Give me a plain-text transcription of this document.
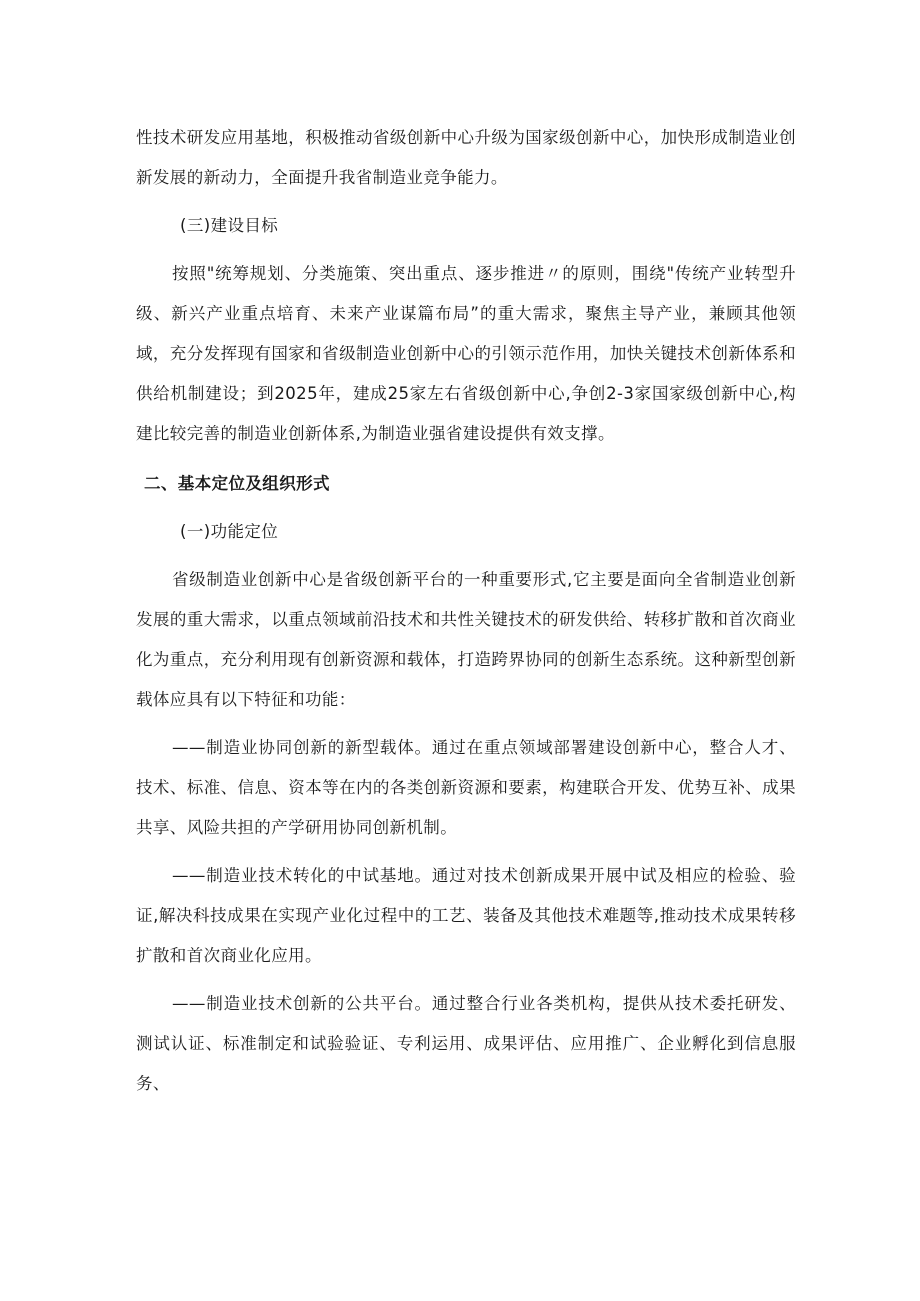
性技术研发应用基地，积极推动省级创新中心升级为国家级创新中心，加快形成制造业创新发展的新动力，全面提升我省制造业竞争能力。

(三)建设目标

按照"统筹规划、分类施策、突出重点、逐步推进〃的原则，围绕"传统产业转型升级、新兴产业重点培育、未来产业谋篇布局”的重大需求，聚焦主导产业，兼顾其他领域，充分发挥现有国家和省级制造业创新中心的引领示范作用，加快关键技术创新体系和供给机制建设；到2025年，建成25家左右省级创新中心,争创2-3家国家级创新中心,构建比较完善的制造业创新体系,为制造业强省建设提供有效支撑。

二、基本定位及组织形式

(一)功能定位

省级制造业创新中心是省级创新平台的一种重要形式,它主要是面向全省制造业创新发展的重大需求，以重点领域前沿技术和共性关键技术的研发供给、转移扩散和首次商业化为重点，充分利用现有创新资源和载体，打造跨界协同的创新生态系统。这种新型创新载体应具有以下特征和功能：

——制造业协同创新的新型载体。通过在重点领域部署建设创新中心，整合人才、技术、标准、信息、资本等在内的各类创新资源和要素，构建联合开发、优势互补、成果共享、风险共担的产学研用协同创新机制。

——制造业技术转化的中试基地。通过对技术创新成果开展中试及相应的检验、验证,解决科技成果在实现产业化过程中的工艺、装备及其他技术难题等,推动技术成果转移扩散和首次商业化应用。

——制造业技术创新的公共平台。通过整合行业各类机构，提供从技术委托研发、测试认证、标准制定和试验验证、专利运用、成果评估、应用推广、企业孵化到信息服务、
